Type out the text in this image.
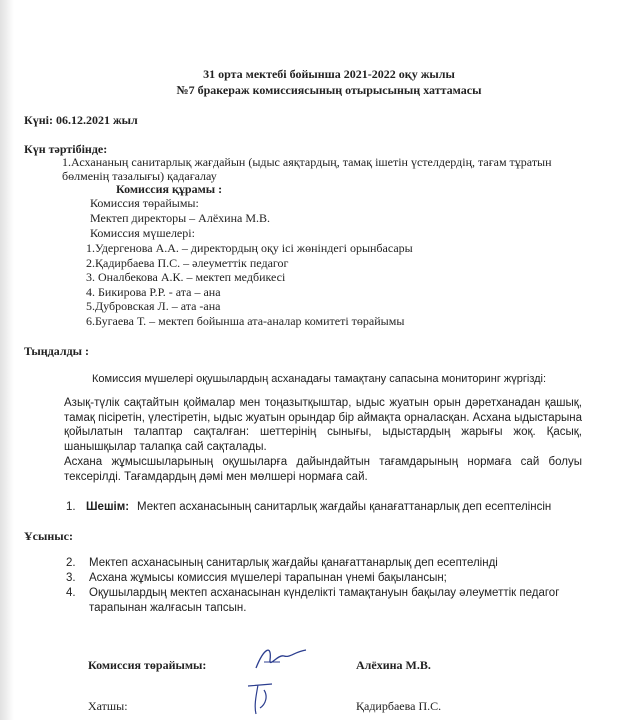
31 орта мектебі бойынша 2021-2022 оқу жылы
№7 бракераж комиссиясының отырысының хаттамасы
Күні: 06.12.2021 жыл
Күн тәртібінде:
1.Асхананың санитарлық жағдайын (ыдыс аяқтардың, тамақ ішетін үстелдердің, тағам тұратын
бөлменің тазалығы) қадағалау
Комиссия құрамы :
Комиссия төрайымы:
Мектеп директоры – Алёхина М.В.
Комиссия мүшелері:
1.Удергенова А.А. – директордың оқу ісі жөніндегі орынбасары
2.Қадирбаева П.С. – әлеуметтік педагог
3. Оналбекова А.К. – мектеп медбикесі
4. Бикирова Р.Р. - ата – ана
5.Дубровская Л. – ата -ана
6.Бугаева Т. – мектеп бойынша ата-аналар комитеті төрайымы
Тыңдалды :
Комиссия мүшелері оқушылардың асханадағы тамақтану сапасына мониторинг жүргізді:
Азық-түлік сақтайтын қоймалар мен тоңазытқыштар, ыдыс жуатын орын дәретханадан қашық, тамақ пісіретін, үлестіретін, ыдыс жуатын орындар бір аймақта орналасқан. Асхана ыдыстарына қойылатын талаптар сақталған: шеттерінің сынығы, ыдыстардың жарығы жоқ. Қасық, шанышқылар талапқа сай сақталады.
Асхана жұмысшыларының оқушыларға дайындайтын тағамдарының нормаға сай болуы тексерілді. Тағамдардың дәмі мен мөлшері нормаға сай.
1. Шешім: Мектеп асханасының санитарлық жағдайы қанағаттанарлық деп есептелінсін
Ұсыныс:
2. Мектеп асханасының санитарлық жағдайы қанағаттанарлық деп есептелінді
3. Асхана жұмысы комиссия мүшелері тарапынан үнемі бақылансын;
4. Оқушылардың мектеп асханасынан күнделікті тамақтануын бақылау әлеуметтік педагог
тарапынан жалғасын тапсын.
Комиссия төрайымы:	Алёхина М.В.
Хатшы:	Қадирбаева П.С.
